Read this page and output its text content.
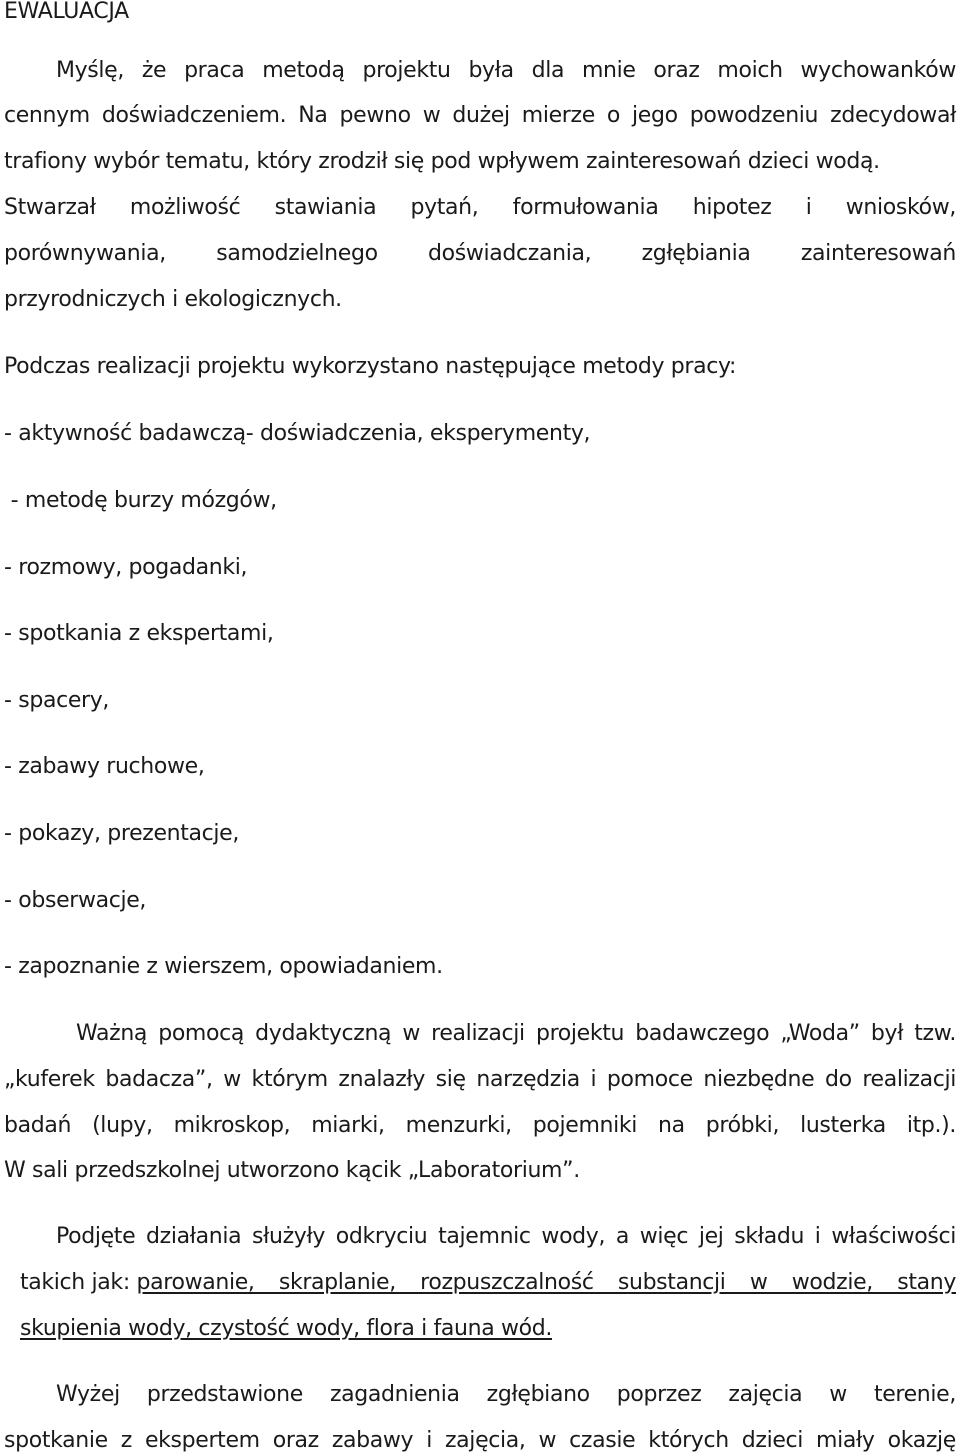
EWALUACJA
Myślę, że praca metodą projektu była dla mnie oraz moich wychowanków
cennym doświadczeniem. Na pewno w dużej mierze o jego powodzeniu zdecydował
trafiony wybór tematu, który zrodził się pod wpływem zainteresowań dzieci wodą.
Stwarzał możliwość stawiania pytań, formułowania hipotez i wniosków,
porównywania, samodzielnego doświadczania, zgłębiania zainteresowań
przyrodniczych i ekologicznych.
Podczas realizacji projektu wykorzystano następujące metody pracy:
- aktywność badawczą- doświadczenia, eksperymenty,
- metodę burzy mózgów,
- rozmowy, pogadanki,
- spotkania z ekspertami,
- spacery,
- zabawy ruchowe,
- pokazy, prezentacje,
- obserwacje,
- zapoznanie z wierszem, opowiadaniem.
Ważną pomocą dydaktyczną w realizacji projektu badawczego „Woda” był tzw.
„kuferek badacza”, w którym znalazły się narzędzia i pomoce niezbędne do realizacji
badań (lupy, mikroskop, miarki, menzurki, pojemniki na próbki, lusterka itp.).
W sali przedszkolnej utworzono kącik „Laboratorium”.
Podjęte działania służyły odkryciu tajemnic wody, a więc jej składu i właściwości
takich jak: parowanie, skraplanie, rozpuszczalność substancji w wodzie, stany
skupienia wody, czystość wody, flora i fauna wód.
Wyżej przedstawione zagadnienia zgłębiano poprzez zajęcia w terenie,
spotkanie z ekspertem oraz zabawy i zajęcia, w czasie których dzieci miały okazję
